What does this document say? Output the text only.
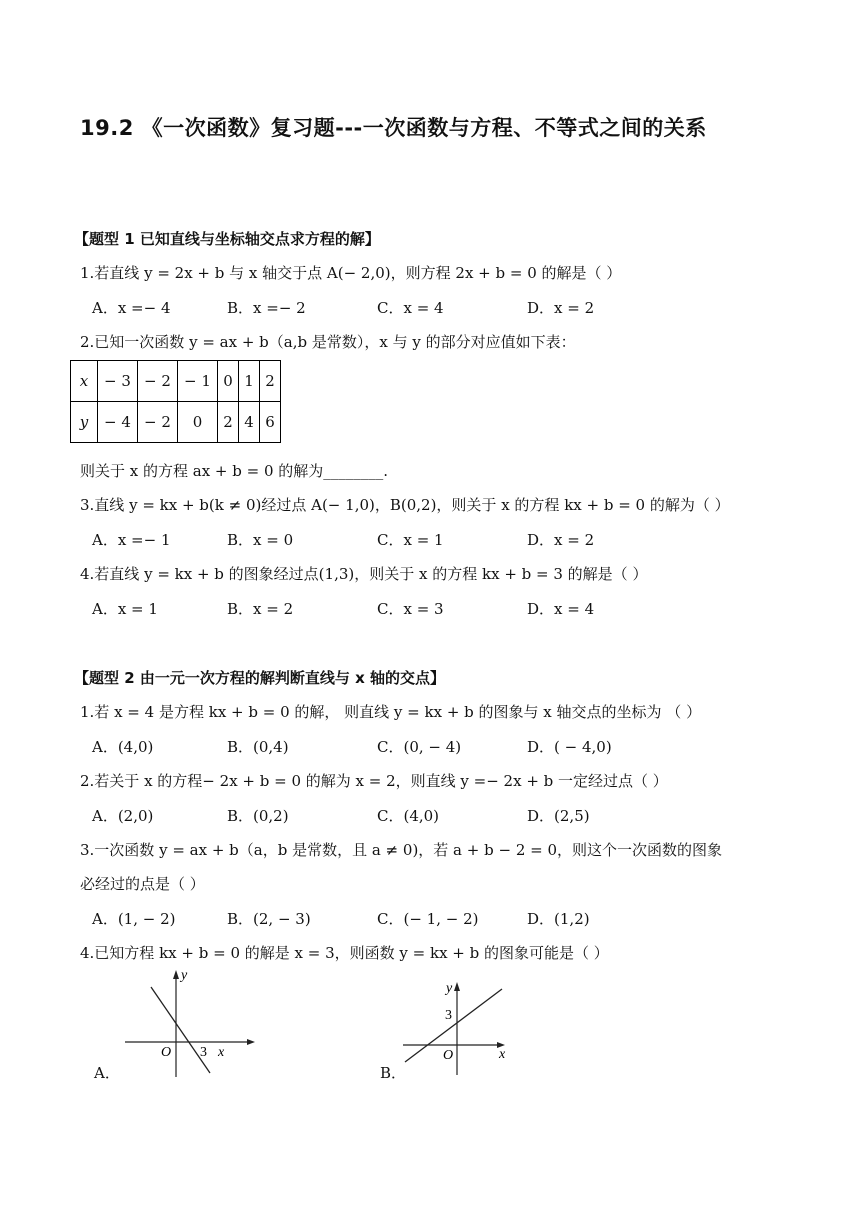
19.2 《一次函数》复习题---一次函数与方程、不等式之间的关系
【题型 1 已知直线与坐标轴交点求方程的解】
1.若直线 y = 2x + b 与 x 轴交于点 A(− 2,0)，则方程 2x + b = 0 的解是（ ）
A．x =− 4	B．x =− 2	C．x = 4	D．x = 2
2.已知一次函数 y = ax + b（a,b 是常数），x 与 y 的部分对应值如下表：
x	− 3	− 2	− 1	0	1	2
y	− 4	− 2	0	2	4	6
则关于 x 的方程 ax + b = 0 的解为________.
3.直线 y = kx + b(k ≠ 0)经过点 A(− 1,0)，B(0,2)，则关于 x 的方程 kx + b = 0 的解为（ ）
A．x =− 1	B．x = 0	C．x = 1	D．x = 2
4.若直线 y = kx + b 的图象经过点(1,3)，则关于 x 的方程 kx + b = 3 的解是（ ）
A．x = 1	B．x = 2	C．x = 3	D．x = 4
【题型 2 由一元一次方程的解判断直线与 x 轴的交点】
1.若 x = 4 是方程 kx + b = 0 的解， 则直线 y = kx + b 的图象与 x 轴交点的坐标为 （ ）
A．(4,0)	B．(0,4)	C．(0, − 4)	D．( − 4,0)
2.若关于 x 的方程− 2x + b = 0 的解为 x = 2，则直线 y =− 2x + b 一定经过点（ ）
A．(2,0)	B．(0,2)	C．(4,0)	D．(2,5)
3.一次函数 y = ax + b（a，b 是常数，且 a ≠ 0)，若 a + b − 2 = 0，则这个一次函数的图象
必经过的点是（ ）
A．(1, − 2)	B．(2, − 3)	C．(− 1, − 2)	D．(1,2)
4.已知方程 kx + b = 0 的解是 x = 3，则函数 y = kx + b 的图象可能是（ ）
y
x
O 3
A．
y
x
O
3
B．
